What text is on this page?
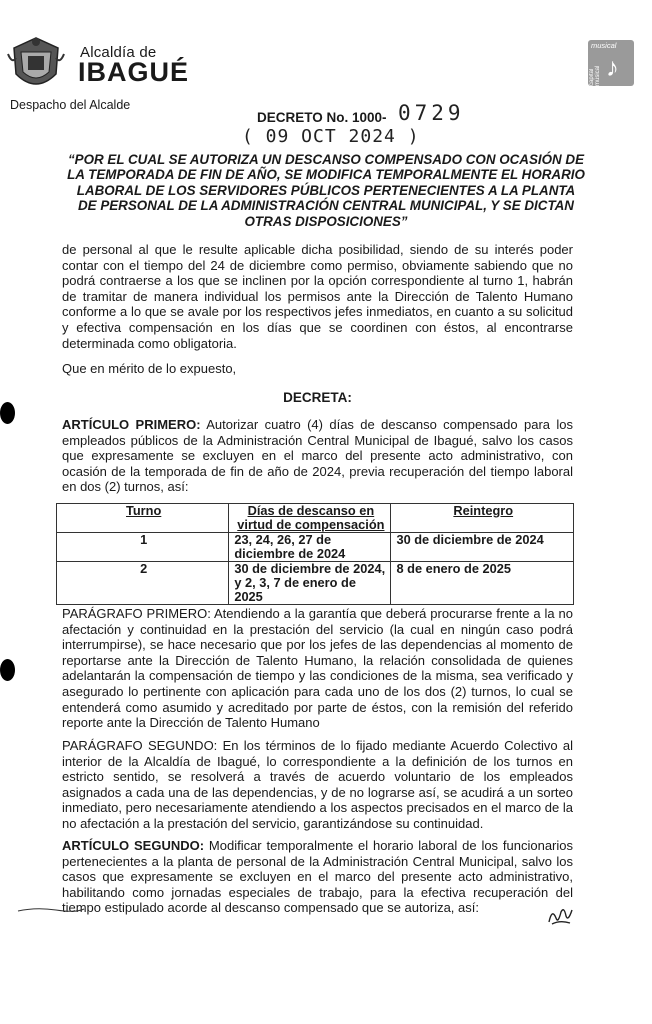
Alcaldía de
IBAGUÉ
Despacho del Alcalde
musical
capital musical ♪
DECRETO No. 1000- 0729
( 09 OCT 2024 )
“POR EL CUAL SE AUTORIZA UN DESCANSO COMPENSADO CON OCASIÓN DE LA TEMPORADA DE FIN DE AÑO, SE MODIFICA TEMPORALMENTE EL HORARIO LABORAL DE LOS SERVIDORES PÚBLICOS PERTENECIENTES A LA PLANTA DE PERSONAL DE LA ADMINISTRACIÓN CENTRAL MUNICIPAL, Y SE DICTAN OTRAS DISPOSICIONES”
de personal al que le resulte aplicable dicha posibilidad, siendo de su interés poder contar con el tiempo del 24 de diciembre como permiso, obviamente sabiendo que no podrá contraerse a los que se inclinen por la opción correspondiente al turno 1, habrán de tramitar de manera individual los permisos ante la Dirección de Talento Humano conforme a lo que se avale por los respectivos jefes inmediatos, en cuanto a su solicitud y efectiva compensación en los días que se coordinen con éstos, al encontrarse determinada como obligatoria.
Que en mérito de lo expuesto,
DECRETA:
ARTÍCULO PRIMERO: Autorizar cuatro (4) días de descanso compensado para los empleados públicos de la Administración Central Municipal de Ibagué, salvo los casos que expresamente se excluyen en el marco del presente acto administrativo, con ocasión de la temporada de fin de año de 2024, previa recuperación del tiempo laboral en dos (2) turnos, así:
Turno	Días de descanso en virtud de compensación	Reintegro
1	23, 24, 26, 27 de diciembre de 2024	30 de diciembre de 2024
2	30 de diciembre de 2024, y 2, 3, 7 de enero de 2025	8 de enero de 2025
PARÁGRAFO PRIMERO: Atendiendo a la garantía que deberá procurarse frente a la no afectación y continuidad en la prestación del servicio (la cual en ningún caso podrá interrumpirse), se hace necesario que por los jefes de las dependencias al momento de reportarse ante la Dirección de Talento Humano, la relación consolidada de quienes adelantarán la compensación de tiempo y las condiciones de la misma, sea verificado y asegurado lo pertinente con aplicación para cada uno de los dos (2) turnos, lo cual se entenderá como asumido y acreditado por parte de éstos, con la remisión del referido reporte ante la Dirección de Talento Humano
PARÁGRAFO SEGUNDO: En los términos de lo fijado mediante Acuerdo Colectivo al interior de la Alcaldía de Ibagué, lo correspondiente a la definición de los turnos en estricto sentido, se resolverá a través de acuerdo voluntario de los empleados asignados a cada una de las dependencias, y de no lograrse así, se acudirá a un sorteo inmediato, pero necesariamente atendiendo a los aspectos precisados en el marco de la no afectación a la prestación del servicio, garantizándose su continuidad.
ARTÍCULO SEGUNDO: Modificar temporalmente el horario laboral de los funcionarios pertenecientes a la planta de personal de la Administración Central Municipal, salvo los casos que expresamente se excluyen en el marco del presente acto administrativo, habilitando como jornadas especiales de trabajo, para la efectiva recuperación del tiempo estipulado acorde al descanso compensado que se autoriza, así:
